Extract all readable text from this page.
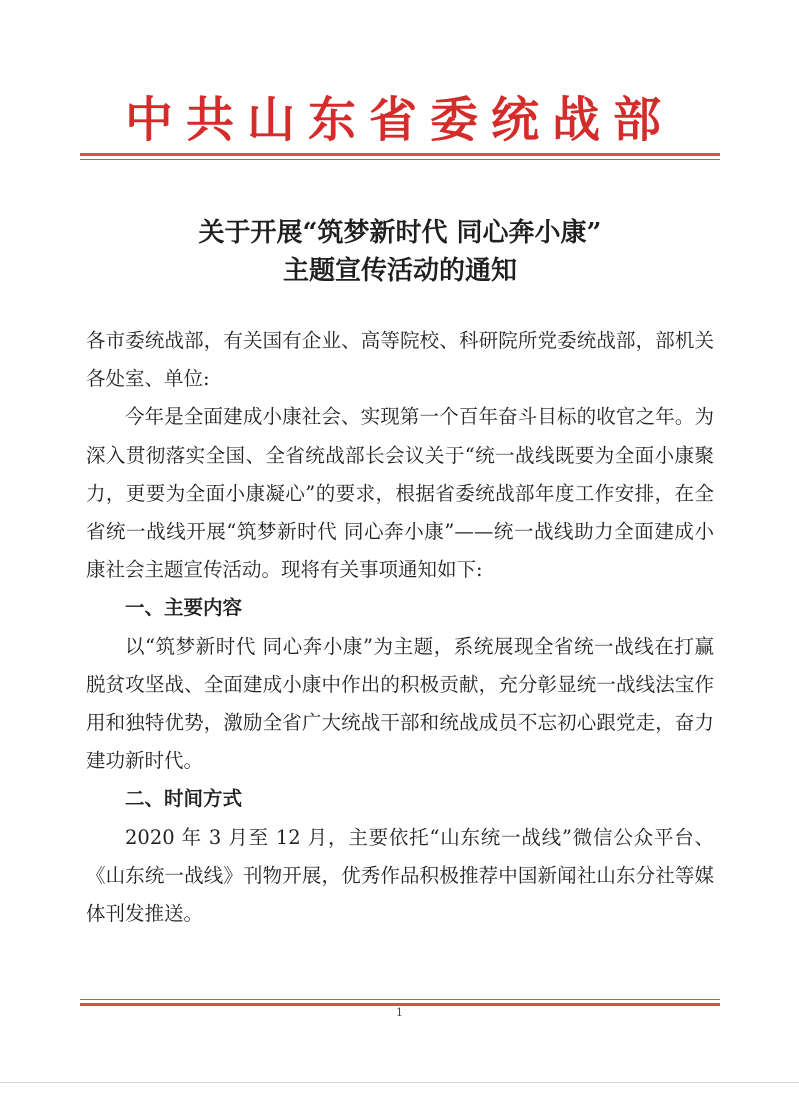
中共山东省委统战部
关于开展“筑梦新时代 同心奔小康”
主题宣传活动的通知

各市委统战部，有关国有企业、高等院校、科研院所党委统战部，部机关各处室、单位:

今年是全面建成小康社会、实现第一个百年奋斗目标的收官之年。为深入贯彻落实全国、全省统战部长会议关于“统一战线既要为全面小康聚力，更要为全面小康凝心”的要求，根据省委统战部年度工作安排，在全省统一战线开展“筑梦新时代 同心奔小康”——统一战线助力全面建成小康社会主题宣传活动。现将有关事项通知如下:

一、主要内容

以“筑梦新时代 同心奔小康”为主题，系统展现全省统一战线在打赢脱贫攻坚战、全面建成小康中作出的积极贡献，充分彰显统一战线法宝作用和独特优势，激励全省广大统战干部和统战成员不忘初心跟党走，奋力建功新时代。

二、时间方式

2020 年 3 月至 12 月，主要依托“山东统一战线”微信公众平台、《山东统一战线》刊物开展，优秀作品积极推荐中国新闻社山东分社等媒体刊发推送。

1
